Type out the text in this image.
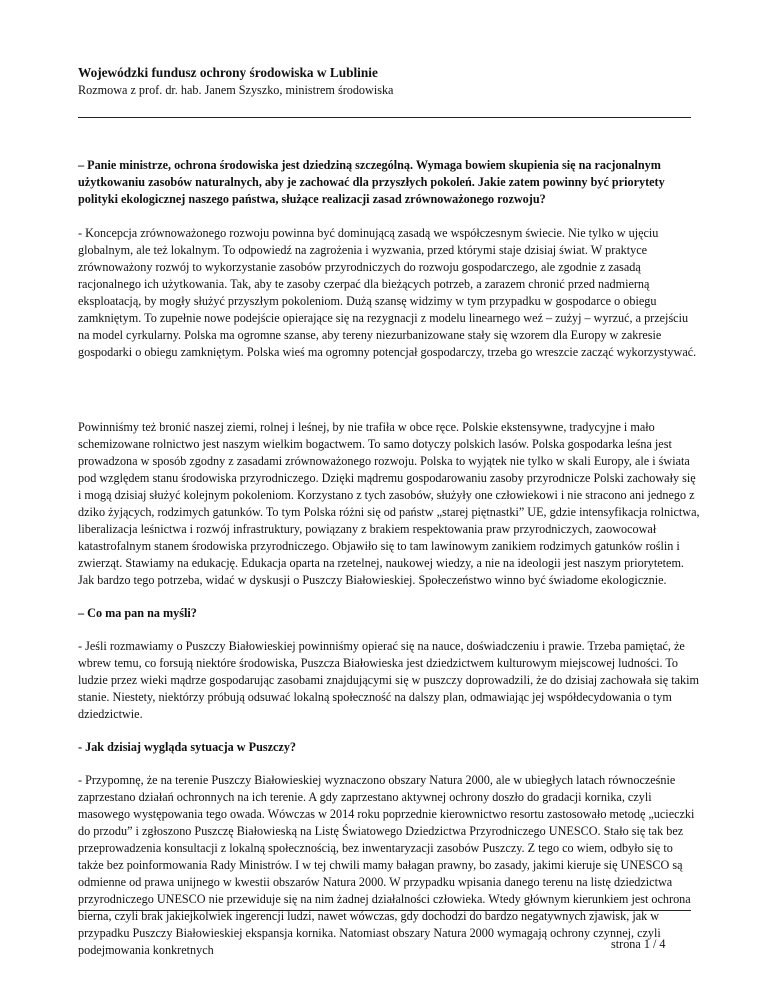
Wojewódzki fundusz ochrony środowiska w Lublinie
Rozmowa z prof. dr. hab. Janem Szyszko, ministrem środowiska

– Panie ministrze, ochrona środowiska jest dziedziną szczególną. Wymaga bowiem skupienia się na racjonalnym użytkowaniu zasobów naturalnych, aby je zachować dla przyszłych pokoleń. Jakie zatem powinny być priorytety polityki ekologicznej naszego państwa, służące realizacji zasad zrównoważonego rozwoju?

- Koncepcja zrównoważonego rozwoju powinna być dominującą zasadą we współczesnym świecie. Nie tylko w ujęciu globalnym, ale też lokalnym. To odpowiedź na zagrożenia i wyzwania, przed którymi staje dzisiaj świat. W praktyce zrównoważony rozwój to wykorzystanie zasobów przyrodniczych do rozwoju gospodarczego, ale zgodnie z zasadą racjonalnego ich użytkowania. Tak, aby te zasoby czerpać dla bieżących potrzeb, a zarazem chronić przed nadmierną eksploatacją, by mogły służyć przyszłym pokoleniom. Dużą szansę widzimy w tym przypadku w gospodarce o obiegu zamkniętym. To zupełnie nowe podejście opierające się na rezygnacji z modelu linearnego weź – zużyj – wyrzuć, a przejściu na model cyrkularny. Polska ma ogromne szanse, aby tereny niezurbanizowane stały się wzorem dla Europy w zakresie gospodarki o obiegu zamkniętym. Polska wieś ma ogromny potencjał gospodarczy, trzeba go wreszcie zacząć wykorzystywać.

Powinniśmy też bronić naszej ziemi, rolnej i leśnej, by nie trafiła w obce ręce. Polskie ekstensywne, tradycyjne i mało schemizowane rolnictwo jest naszym wielkim bogactwem. To samo dotyczy polskich lasów. Polska gospodarka leśna jest prowadzona w sposób zgodny z zasadami zrównoważonego rozwoju. Polska to wyjątek nie tylko w skali Europy, ale i świata pod względem stanu środowiska przyrodniczego. Dzięki mądremu gospodarowaniu zasoby przyrodnicze Polski zachowały się i mogą dzisiaj służyć kolejnym pokoleniom. Korzystano z tych zasobów, służyły one człowiekowi i nie stracono ani jednego z dziko żyjących, rodzimych gatunków. To tym Polska różni się od państw „starej piętnastki” UE, gdzie intensyfikacja rolnictwa, liberalizacja leśnictwa i rozwój infrastruktury, powiązany z brakiem respektowania praw przyrodniczych, zaowocował katastrofalnym stanem środowiska przyrodniczego. Objawiło się to tam lawinowym zanikiem rodzimych gatunków roślin i zwierząt. Stawiamy na edukację. Edukacja oparta na rzetelnej, naukowej wiedzy, a nie na ideologii jest naszym priorytetem. Jak bardzo tego potrzeba, widać w dyskusji o Puszczy Białowieskiej. Społeczeństwo winno być świadome ekologicznie.

– Co ma pan na myśli?

- Jeśli rozmawiamy o Puszczy Białowieskiej powinniśmy opierać się na nauce, doświadczeniu i prawie. Trzeba pamiętać, że wbrew temu, co forsują niektóre środowiska, Puszcza Białowieska jest dziedzictwem kulturowym miejscowej ludności. To ludzie przez wieki mądrze gospodarując zasobami znajdującymi się w puszczy doprowadzili, że do dzisiaj zachowała się takim stanie. Niestety, niektórzy próbują odsuwać lokalną społeczność na dalszy plan, odmawiając jej współdecydowania o tym dziedzictwie.

- Jak dzisiaj wygląda sytuacja w Puszczy?

- Przypomnę, że na terenie Puszczy Białowieskiej wyznaczono obszary Natura 2000, ale w ubiegłych latach równocześnie zaprzestano działań ochronnych na ich terenie. A gdy zaprzestano aktywnej ochrony doszło do gradacji kornika, czyli masowego występowania tego owada. Wówczas w 2014 roku poprzednie kierownictwo resortu zastosowało metodę „ucieczki do przodu” i zgłoszono Puszczę Białowieską na Listę Światowego Dziedzictwa Przyrodniczego UNESCO. Stało się tak bez przeprowadzenia konsultacji z lokalną społecznością, bez inwentaryzacji zasobów Puszczy. Z tego co wiem, odbyło się to także bez poinformowania Rady Ministrów. I w tej chwili mamy bałagan prawny, bo zasady, jakimi kieruje się UNESCO są odmienne od prawa unijnego w kwestii obszarów Natura 2000. W przypadku wpisania danego terenu na listę dziedzictwa przyrodniczego UNESCO nie przewiduje się na nim żadnej działalności człowieka. Wtedy głównym kierunkiem jest ochrona bierna, czyli brak jakiejkolwiek ingerencji ludzi, nawet wówczas, gdy dochodzi do bardzo negatywnych zjawisk, jak w przypadku Puszczy Białowieskiej ekspansja kornika. Natomiast obszary Natura 2000 wymagają ochrony czynnej, czyli podejmowania konkretnych	strona 1 / 4
